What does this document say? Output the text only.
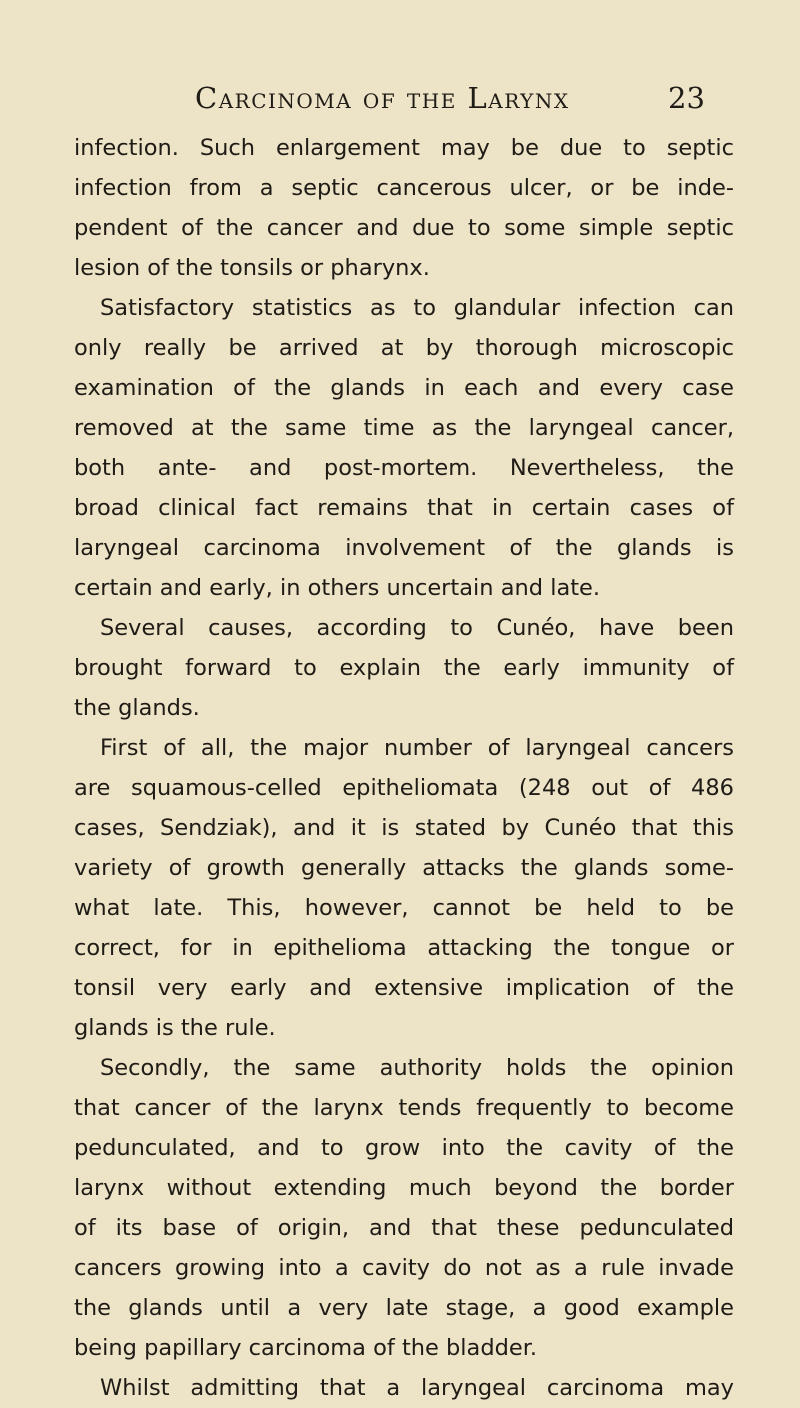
Carcinoma of the Larynx	23
infection. Such enlargement may be due to septic
infection from a septic cancerous ulcer, or be inde-
pendent of the cancer and due to some simple septic
lesion of the tonsils or pharynx.
Satisfactory statistics as to glandular infection can
only really be arrived at by thorough microscopic
examination of the glands in each and every case
removed at the same time as the laryngeal cancer,
both ante- and post-mortem. Nevertheless, the
broad clinical fact remains that in certain cases of
laryngeal carcinoma involvement of the glands is
certain and early, in others uncertain and late.
Several causes, according to Cunéo, have been
brought forward to explain the early immunity of
the glands.
First of all, the major number of laryngeal cancers
are squamous-celled epitheliomata (248 out of 486
cases, Sendziak), and it is stated by Cunéo that this
variety of growth generally attacks the glands some-
what late. This, however, cannot be held to be
correct, for in epithelioma attacking the tongue or
tonsil very early and extensive implication of the
glands is the rule.
Secondly, the same authority holds the opinion
that cancer of the larynx tends frequently to become
pedunculated, and to grow into the cavity of the
larynx without extending much beyond the border
of its base of origin, and that these pedunculated
cancers growing into a cavity do not as a rule invade
the glands until a very late stage, a good example
being papillary carcinoma of the bladder.
Whilst admitting that a laryngeal carcinoma may
